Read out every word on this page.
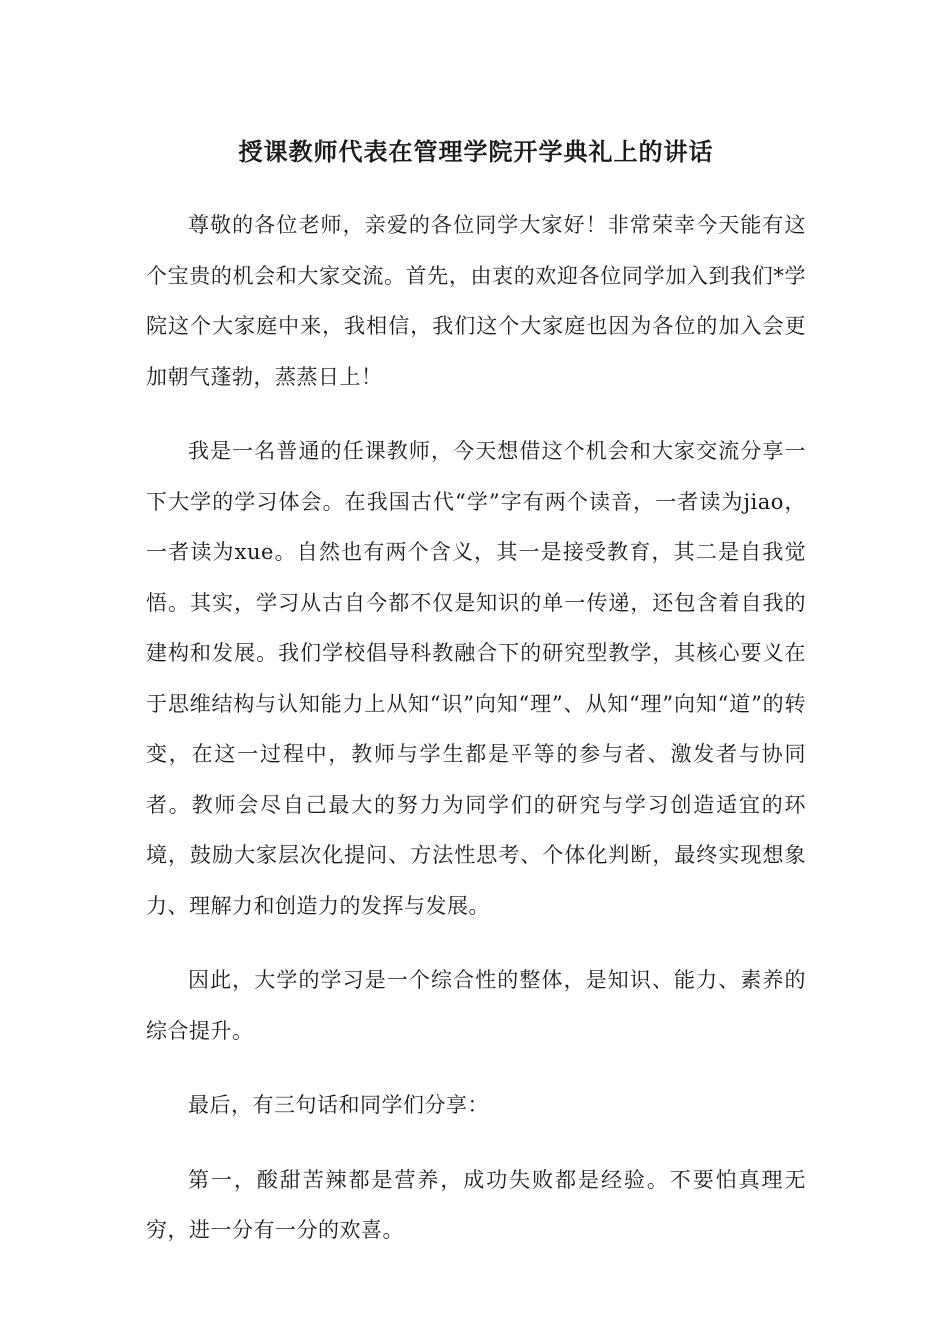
授课教师代表在管理学院开学典礼上的讲话

尊敬的各位老师，亲爱的各位同学大家好！非常荣幸今天能有这个宝贵的机会和大家交流。首先，由衷的欢迎各位同学加入到我们*学院这个大家庭中来，我相信，我们这个大家庭也因为各位的加入会更加朝气蓬勃，蒸蒸日上！

我是一名普通的任课教师，今天想借这个机会和大家交流分享一下大学的学习体会。在我国古代“学”字有两个读音，一者读为jiao，一者读为xue。自然也有两个含义，其一是接受教育，其二是自我觉悟。其实，学习从古自今都不仅是知识的单一传递，还包含着自我的建构和发展。我们学校倡导科教融合下的研究型教学，其核心要义在于思维结构与认知能力上从知“识”向知“理”、从知“理”向知“道”的转变，在这一过程中，教师与学生都是平等的参与者、激发者与协同者。教师会尽自己最大的努力为同学们的研究与学习创造适宜的环境，鼓励大家层次化提问、方法性思考、个体化判断，最终实现想象力、理解力和创造力的发挥与发展。

因此，大学的学习是一个综合性的整体，是知识、能力、素养的综合提升。

最后，有三句话和同学们分享：

第一，酸甜苦辣都是营养，成功失败都是经验。不要怕真理无穷，进一分有一分的欢喜。
